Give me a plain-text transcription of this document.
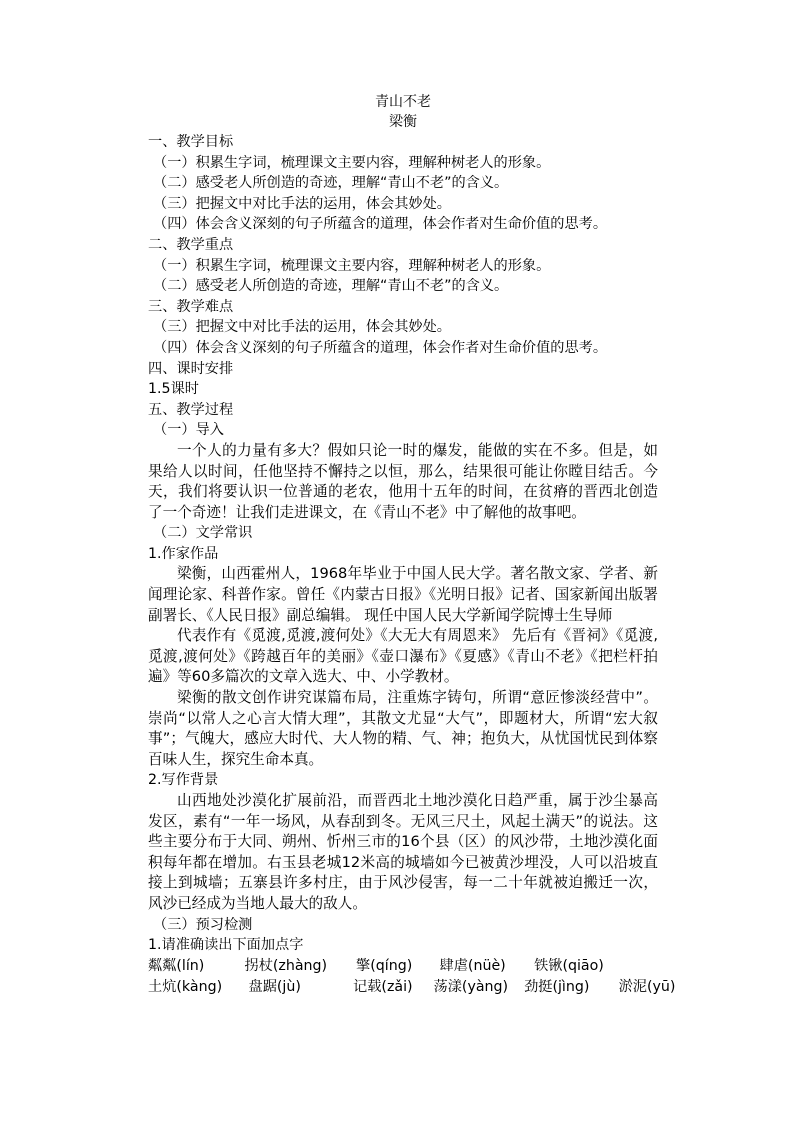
青山不老
梁衡
一、教学目标
（一）积累生字词，梳理课文主要内容，理解种树老人的形象。
（二）感受老人所创造的奇迹，理解“青山不老”的含义。
（三）把握文中对比手法的运用，体会其妙处。
（四）体会含义深刻的句子所蕴含的道理，体会作者对生命价值的思考。
二、教学重点
（一）积累生字词，梳理课文主要内容，理解种树老人的形象。
（二）感受老人所创造的奇迹，理解“青山不老”的含义。
三、教学难点
（三）把握文中对比手法的运用，体会其妙处。
（四）体会含义深刻的句子所蕴含的道理，体会作者对生命价值的思考。
四、课时安排
1.5课时
五、教学过程
（一）导入
一个人的力量有多大？假如只论一时的爆发，能做的实在不多。但是，如果给人以时间，任他坚持不懈持之以恒，那么，结果很可能让你瞠目结舌。今天，我们将要认识一位普通的老农，他用十五年的时间，在贫瘠的晋西北创造了一个奇迹！让我们走进课文，在《青山不老》中了解他的故事吧。
（二）文学常识
1.作家作品
梁衡，山西霍州人，1968年毕业于中国人民大学。著名散文家、学者、新闻理论家、科普作家。曾任《内蒙古日报》《光明日报》记者、国家新闻出版署副署长、《人民日报》副总编辑。 现任中国人民大学新闻学院博士生导师
代表作有《觅渡,觅渡,渡何处》《大无大有周恩来》 先后有《晋祠》《觅渡,觅渡,渡何处》《跨越百年的美丽》《壶口瀑布》《夏感》《青山不老》《把栏杆拍遍》等60多篇次的文章入选大、中、小学教材。
梁衡的散文创作讲究谋篇布局，注重炼字铸句，所谓“意匠惨淡经营中”。崇尚“以常人之心言大情大理”，其散文尤显“大气”，即题材大，所谓“宏大叙事”；气魄大，感应大时代、大人物的精、气、神；抱负大，从忧国忧民到体察百味人生，探究生命本真。
2.写作背景
山西地处沙漠化扩展前沿，而晋西北土地沙漠化日趋严重，属于沙尘暴高发区，素有“一年一场风，从春刮到冬。无风三尺土，风起土满天”的说法。这些主要分布于大同、朔州、忻州三市的16个县（区）的风沙带，土地沙漠化面积每年都在增加。右玉县老城12米高的城墙如今已被黄沙埋没，人可以沿坡直接上到城墙；五寨县许多村庄，由于风沙侵害，每一二十年就被迫搬迁一次，风沙已经成为当地人最大的敌人。
（三）预习检测
1.请准确读出下面加点字
粼粼(lín)	拐杖(zhàng) 擎(qíng) 肆虐(nüè) 铁锹(qiāo)
土炕(kàng) 盘踞(jù)	记载(zǎi) 荡漾(yàng) 劲挺(jìng) 淤泥(yū)
